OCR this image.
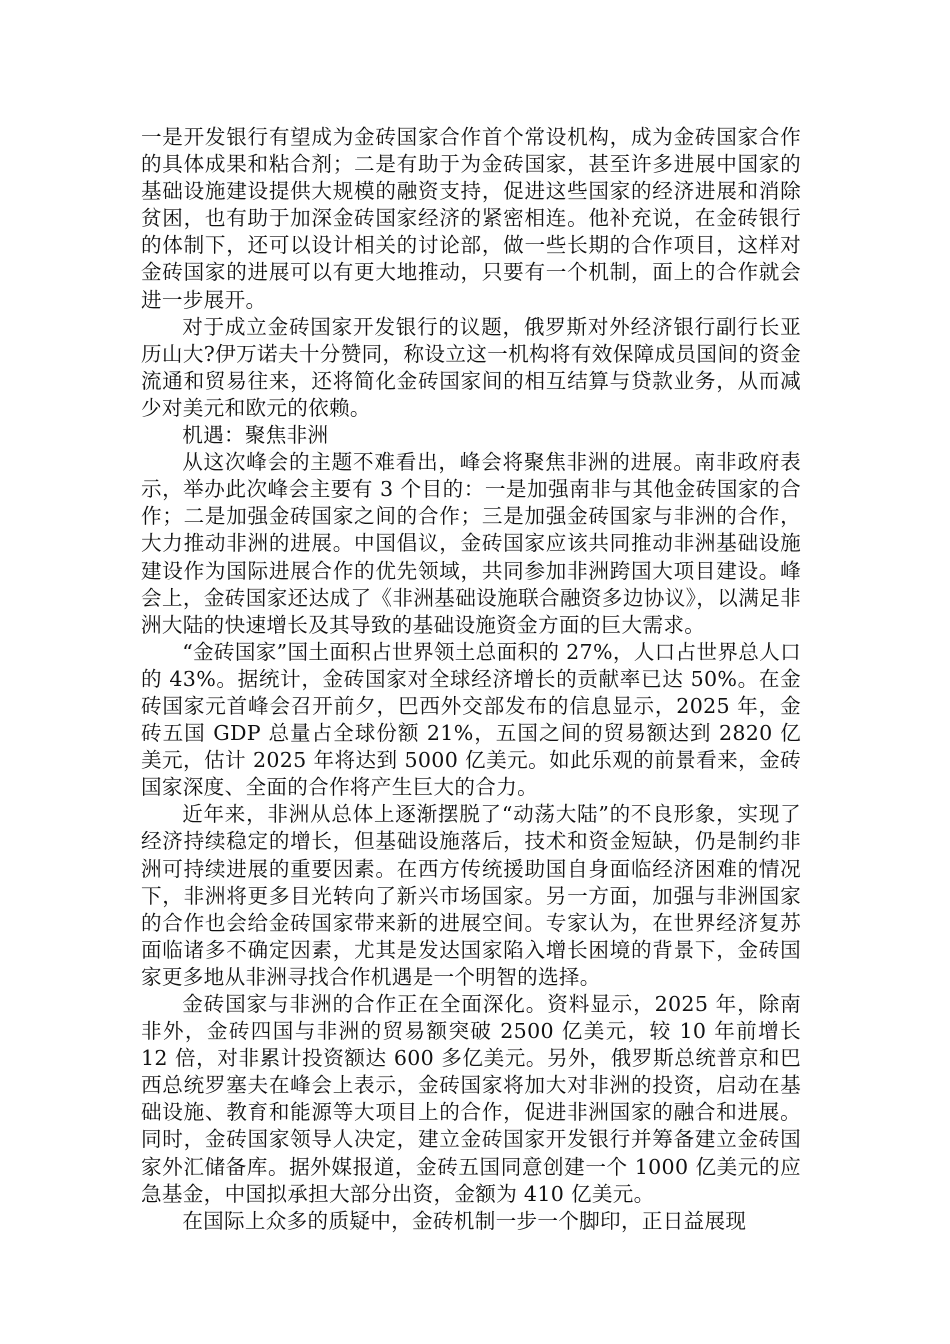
一是开发银行有望成为金砖国家合作首个常设机构，成为金砖国家合作的具体成果和粘合剂；二是有助于为金砖国家，甚至许多进展中国家的基础设施建设提供大规模的融资支持，促进这些国家的经济进展和消除贫困，也有助于加深金砖国家经济的紧密相连。他补充说，在金砖银行的体制下，还可以设计相关的讨论部，做一些长期的合作项目，这样对金砖国家的进展可以有更大地推动，只要有一个机制，面上的合作就会进一步展开。

对于成立金砖国家开发银行的议题，俄罗斯对外经济银行副行长亚历山大?伊万诺夫十分赞同，称设立这一机构将有效保障成员国间的资金流通和贸易往来，还将简化金砖国家间的相互结算与贷款业务，从而减少对美元和欧元的依赖。

机遇：聚焦非洲

从这次峰会的主题不难看出，峰会将聚焦非洲的进展。南非政府表示，举办此次峰会主要有 3 个目的：一是加强南非与其他金砖国家的合作；二是加强金砖国家之间的合作；三是加强金砖国家与非洲的合作，大力推动非洲的进展。中国倡议，金砖国家应该共同推动非洲基础设施建设作为国际进展合作的优先领域，共同参加非洲跨国大项目建设。峰会上，金砖国家还达成了《非洲基础设施联合融资多边协议》，以满足非洲大陆的快速增长及其导致的基础设施资金方面的巨大需求。

“金砖国家”国土面积占世界领土总面积的 27%，人口占世界总人口的 43%。据统计，金砖国家对全球经济增长的贡献率已达 50%。在金砖国家元首峰会召开前夕，巴西外交部发布的信息显示，2025 年，金砖五国 GDP 总量占全球份额 21%，五国之间的贸易额达到 2820 亿美元，估计 2025 年将达到 5000 亿美元。如此乐观的前景看来，金砖国家深度、全面的合作将产生巨大的合力。

近年来，非洲从总体上逐渐摆脱了“动荡大陆”的不良形象，实现了经济持续稳定的增长，但基础设施落后，技术和资金短缺，仍是制约非洲可持续进展的重要因素。在西方传统援助国自身面临经济困难的情况下，非洲将更多目光转向了新兴市场国家。另一方面，加强与非洲国家的合作也会给金砖国家带来新的进展空间。专家认为，在世界经济复苏面临诸多不确定因素，尤其是发达国家陷入增长困境的背景下，金砖国家更多地从非洲寻找合作机遇是一个明智的选择。

金砖国家与非洲的合作正在全面深化。资料显示，2025 年，除南非外，金砖四国与非洲的贸易额突破 2500 亿美元，较 10 年前增长 12 倍，对非累计投资额达 600 多亿美元。另外，俄罗斯总统普京和巴西总统罗塞夫在峰会上表示，金砖国家将加大对非洲的投资，启动在基础设施、教育和能源等大项目上的合作，促进非洲国家的融合和进展。同时，金砖国家领导人决定，建立金砖国家开发银行并筹备建立金砖国家外汇储备库。据外媒报道，金砖五国同意创建一个 1000 亿美元的应急基金，中国拟承担大部分出资，金额为 410 亿美元。

在国际上众多的质疑中，金砖机制一步一个脚印，正日益展现
